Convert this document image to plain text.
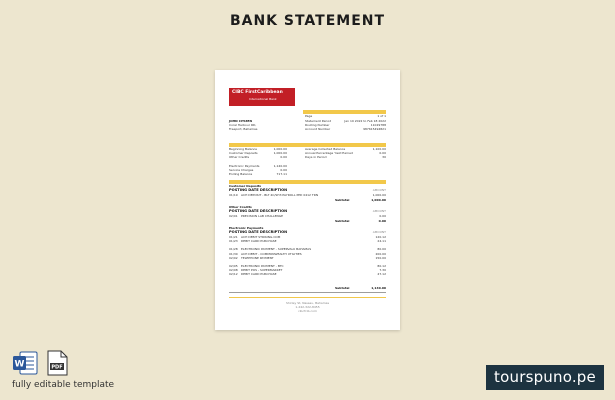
BANK STATEMENT
CIBC FirstCaribbean
International Bank
Page	1 of 1
JOHN CITIZEN
Coral Harbour RD,
Freeport, Bahamas
Statement Period	Jan 19 2022 to Feb 18 2022
Routing Number	11029788
Account Number	987615494821
Beginning Balance	1,000.00
Customer Deposits	1,000.00
Other Credits	0.00
Electronic Payments	1,140.00
Service Charges	0.00
Ending Balance	717.11
Average Collected Balance	1,100.00
Annual Percentage Yield Earned	0.00
Days in Period	30
Customer Deposits
POSTING DATE DESCRIPTION	AMOUNT
01/19 ACH DEPOSIT - BLT 4C/SH3 PAYROLL PPD 0412 TRN	1,000.00
Subtotal	1,000.00
Other Credits
POSTING DATE DESCRIPTION	AMOUNT
02/01 PRECISION LAB CHALLENGE	0.00
Subtotal	0.00
Electronic Payments
POSTING DATE DESCRIPTION	AMOUNT
01/21 ACH DEBIT STRIKING.COM	120.12
01/23 DEBIT CARD PURCHASE	24.11
01/28 ELECTRONIC PAYMENT - SUPERVALU BAHAMAS	80.00
01/30 ACH DEBIT - COMMONWEALTH UTILITIES	200.00
02/02 TELEPHONE PAYMENT	150.00
02/05 ELECTRONIC PAYMENT - BTC	80.12
02/08 DEBIT POS - SUPERMARKET	7.30
02/12 DEBIT CARD PURCHASE	47.12
Subtotal	1,140.00
Shirley St, Nassau, Bahamas
1-242-322-8455
cibcfcib.com
W	PDF
fully editable template	tourspuno.pe
